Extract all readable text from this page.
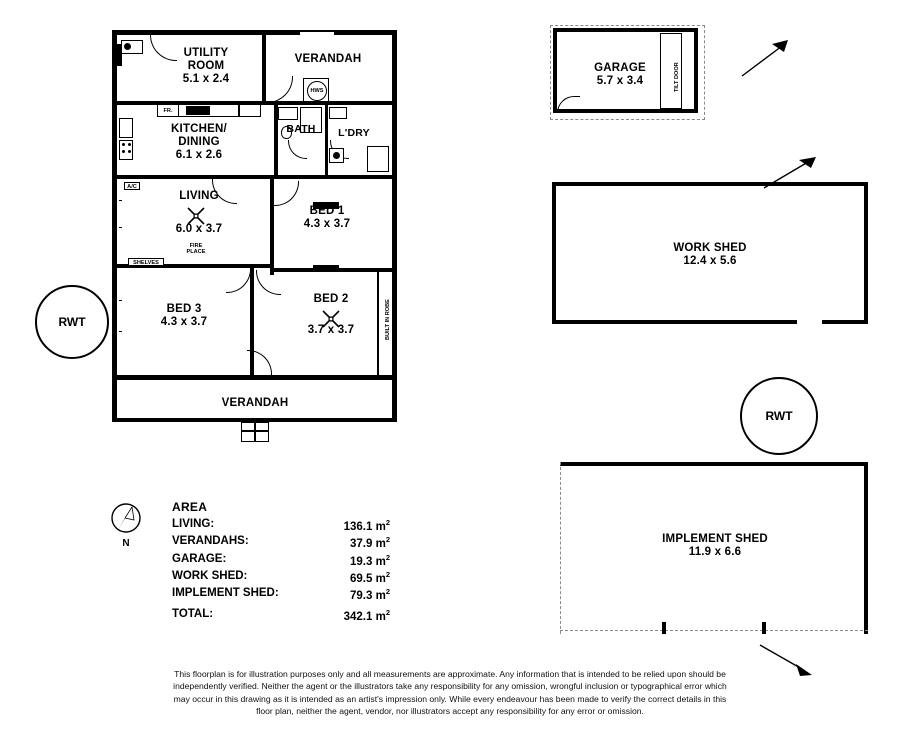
FR.
HWS
A/C
SHELVES
FIRE
PLACE
BUILT IN ROBE
UTILITY
ROOM
5.1 x 2.4
VERANDAH
KITCHEN/
DINING
6.1 x 2.6
BATH	L'DRY
LIVING
6.0 x 3.7
BED 1
4.3 x 3.7
BED 3
4.3 x 3.7
BED 2
3.7 x 3.7
VERANDAH
RWT
TILT DOOR
GARAGE
5.7 x 3.4
WORK SHED
12.4 x 5.6
RWT
IMPLEMENT SHED
11.9 x 6.6
N
AREA
LIVING:	136.1 $m^2$
VERANDAHS:	37.9 $m^2$
GARAGE:	19.3 $m^2$
WORK SHED:	69.5 $m^2$
IMPLEMENT SHED:	79.3 $m^2$
TOTAL:	342.1 $m^2$
This floorplan is for illustration purposes only and all measurements are approximate. Any information that is intended to be relied upon should be independently verified. Neither the agent or the illustrators take any responsibility for any omission, wrongful inclusion or typographical error which may occur in this drawing as it is intended as an artist's impression only. While every endeavour has been made to verify the correct details in this floor plan, neither the agent, vendor, nor illustrators accept any responsibility for any error or omission.
